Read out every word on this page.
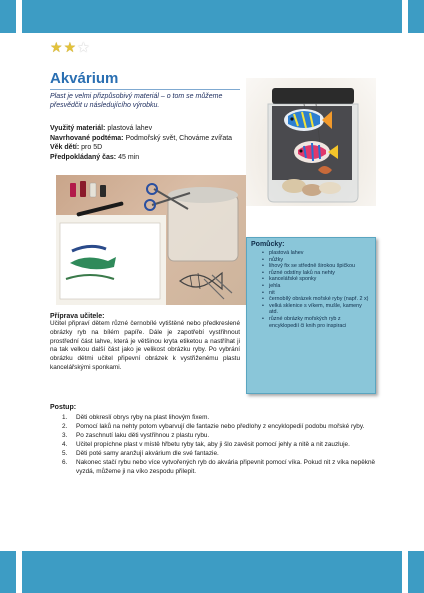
★ ★ ★
Akvárium
Plast je velmi přizpůsobivý materiál – o tom se můžeme přesvědčit u následujícího výrobku.
Využitý materiál: plastová lahev
Navrhované podtéma: Podmořský svět, Chováme zvířata
Věk dětí: pro 5D
Předpokládaný čas: 45 min
Pomůcky:
• plastová lahev
• nůžky
• lihový fix se středně širokou špičkou
• různé odstíny laků na nehty
• kancelářské sponky
• jehla
• nit
• černobílý obrázek mořské ryby (např. 2 x)
• velká sklenice s víkem, mušle, kameny atd.
• různé obrázky mořských ryb z encyklopedií či knih pro inspiraci
Příprava učitele:
Učitel připraví dětem různé černobílé vytištěné nebo předkreslené obrázky ryb na bílém papíře. Dále je zapotřebí vystřihnout prostřední část lahve, která je většinou kryta etiketou a nastříhat ji na tak velkou další část jako je velikost obrázku ryby. Po vybrání obrázku dětmi učitel připevní obrázek k vystřiženému plastu kancelářskými sponkami.
Postup:
1. Děti obkreslí obrys ryby na plast lihovým fixem.
2. Pomocí laků na nehty potom vybarvují dle fantazie nebo předlohy z encyklopedií podobu mořské ryby.
3. Po zaschnutí laku děti vystřihnou z plastu rybu.
4. Učitel propíchne plast v místě hřbetu ryby tak, aby ji šlo zavěsit pomocí jehly a nitě a nit zauzluje.
5. Děti poté samy aranžují akvárium dle své fantazie.
6. Nakonec stačí rybu nebo více vytvořených ryb do akvária připevnit pomocí víka. Pokud nit z víka nepěkně vyzdá, můžeme ji na víko zespodu přilepit.
